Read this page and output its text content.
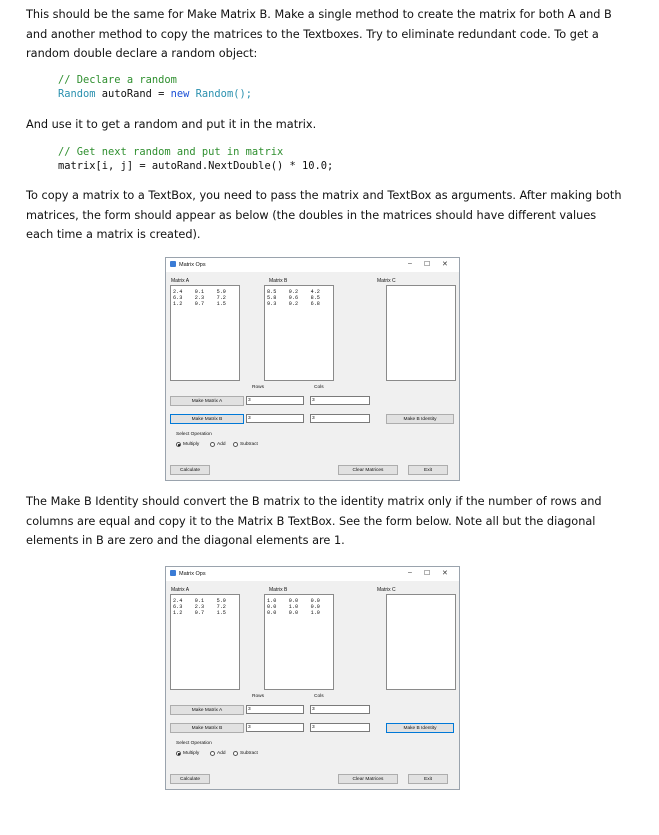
This should be the same for Make Matrix B. Make a single method to create the matrix for both A and B and another method to copy the matrices to the Textboxes. Try to eliminate redundant code. To get a random double declare a random object:

// Declare a random
Random autoRand = new Random();

And use it to get a random and put it in the matrix.

// Get next random and put in matrix
matrix[i, j] = autoRand.NextDouble() * 10.0;

To copy a matrix to a TextBox, you need to pass the matrix and TextBox as arguments. After making both matrices, the form should appear as below (the doubles in the matrices should have different values each time a matrix is created).

Matrix Ops	– ☐ ✕
Matrix A	Matrix B	Matrix C
2.4    0.1    5.9
6.3    2.3    7.2
1.2    0.7    1.5
8.5    9.2    4.2
5.8    9.6    8.5
9.3    0.2    6.8
Rows	Cols
Make Matrix A	3	3
Make Matrix B	3	3	Make B Identity
Select Operation
Multiply	Add	Subtract
Calculate	Clear Matrices	Exit

The Make B Identity should convert the B matrix to the identity matrix only if the number of rows and columns are equal and copy it to the Matrix B TextBox. See the form below. Note all but the diagonal elements in B are zero and the diagonal elements are 1.

Matrix Ops	– ☐ ✕
Matrix A	Matrix B	Matrix C
2.4    0.1    5.9
6.3    2.3    7.2
1.2    0.7    1.5
1.0    0.0    0.0
0.0    1.0    0.0
0.0    0.0    1.0
Rows	Cols
Make Matrix A	3	3
Make Matrix B	3	3	Make B Identity
Select Operation
Multiply	Add	Subtract
Calculate	Clear Matrices	Exit
